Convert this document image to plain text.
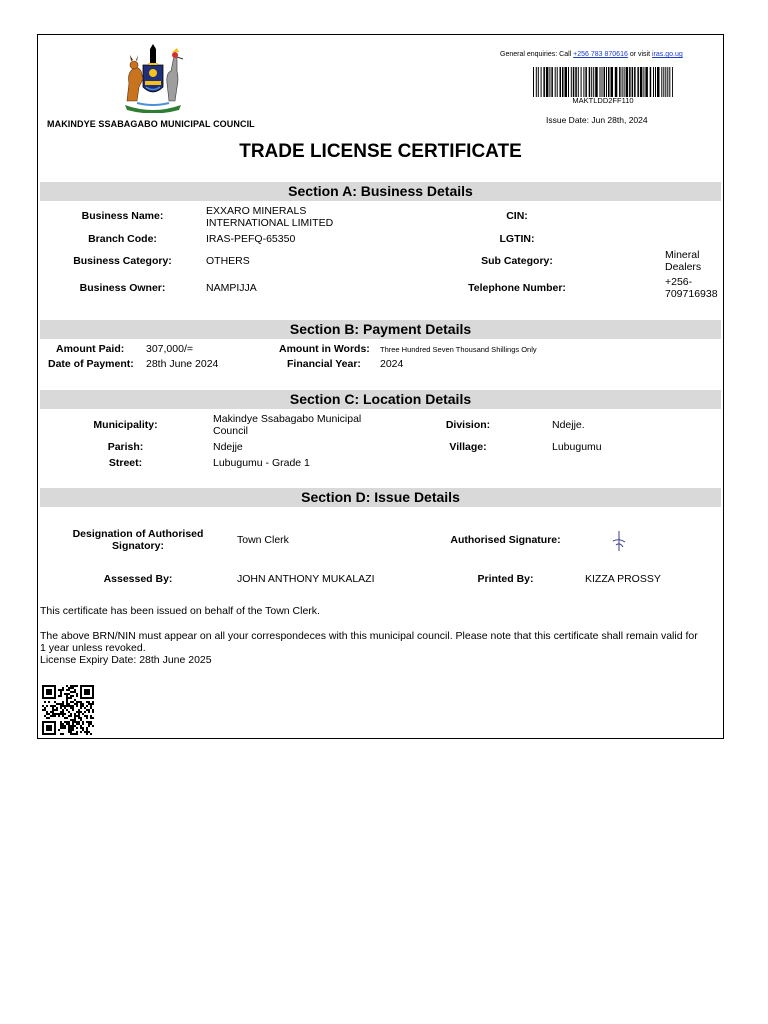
MAKINDYE SSABAGABO MUNICIPAL COUNCIL
General enquiries: Call +256 783 870616 or visit iras.go.ug
MAKTLDD2FF110
Issue Date: Jun 28th, 2024
TRADE LICENSE CERTIFICATE
Section A: Business Details
Business Name:	EXXARO MINERALS
INTERNATIONAL LIMITED
CIN:
Branch Code:	IRAS-PEFQ-65350	LGTIN:
Business Category:	OTHERS	Sub Category:	Mineral
Dealers
Business Owner:	NAMPIJJA	Telephone Number:	+256-
709716938
Section B: Payment Details
Amount Paid: 307,000/=	Amount in Words: Three Hundred Seven Thousand Shillings Only
Date of Payment: 28th June 2024	Financial Year: 2024
Section C: Location Details
Municipality:	Makindye Ssabagabo Municipal
Council	Division:	Ndejje.
Parish:	Ndejje	Village:	Lubugumu
Street:	Lubugumu - Grade 1
Section D: Issue Details
Designation of Authorised
Signatory:	Town Clerk	Authorised Signature:
Assessed By:	JOHN ANTHONY MUKALAZI	Printed By:	KIZZA PROSSY
This certificate has been issued on behalf of the Town Clerk.
The above BRN/NIN must appear on all your correspondeces with this municipal council. Please note that this certificate shall remain valid for
1 year unless revoked.
License Expiry Date: 28th June 2025
